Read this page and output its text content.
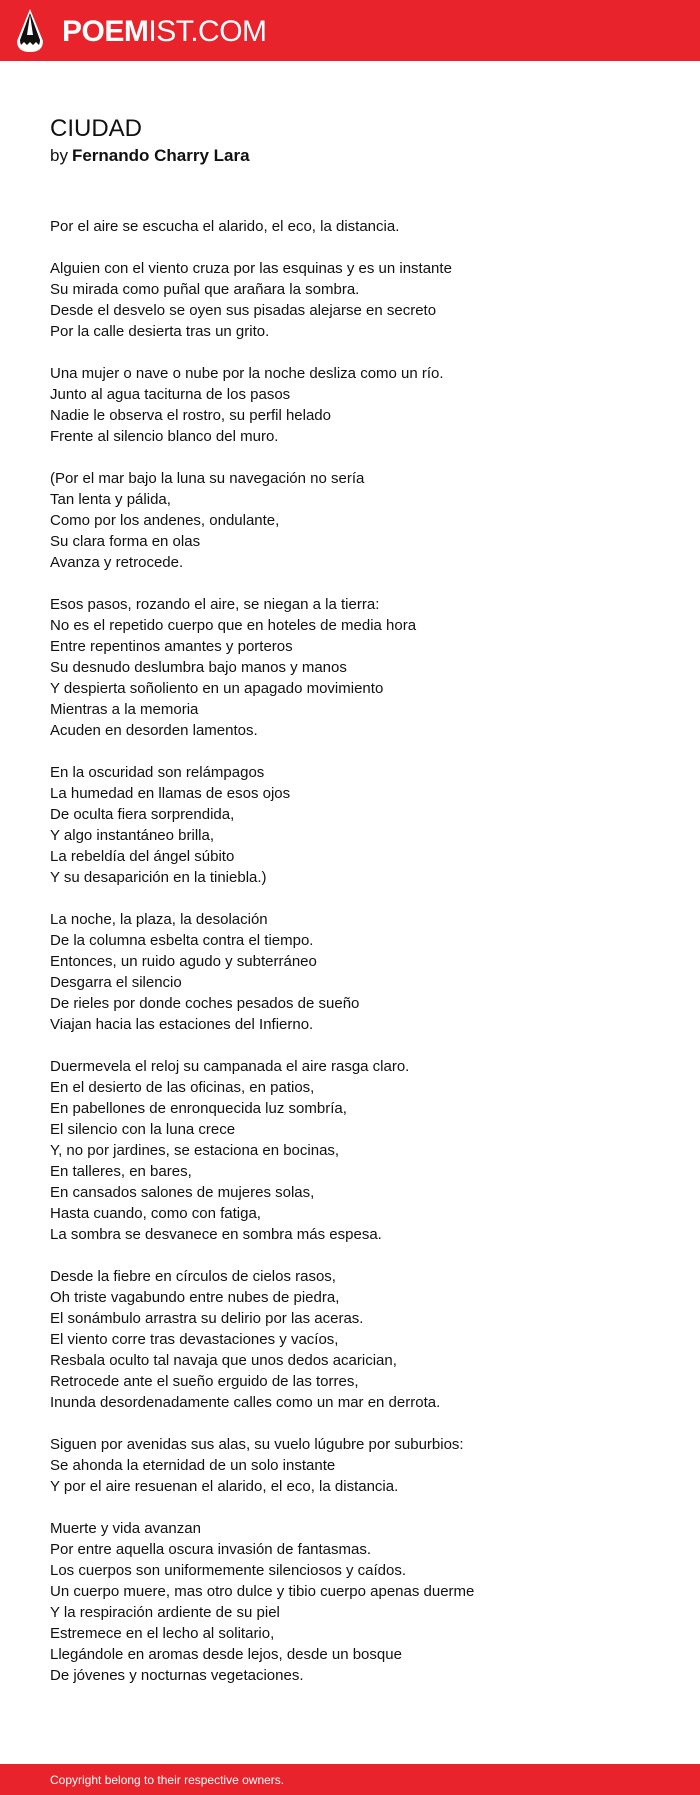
POEMIST.COM
CIUDAD

by Fernando Charry Lara

Por el aire se escucha el alarido, el eco, la distancia.
Alguien con el viento cruza por las esquinas y es un instante
Su mirada como puñal que arañara la sombra.
Desde el desvelo se oyen sus pisadas alejarse en secreto
Por la calle desierta tras un grito.
Una mujer o nave o nube por la noche desliza como un río.
Junto al agua taciturna de los pasos
Nadie le observa el rostro, su perfil helado
Frente al silencio blanco del muro.
(Por el mar bajo la luna su navegación no sería
Tan lenta y pálida,
Como por los andenes, ondulante,
Su clara forma en olas
Avanza y retrocede.
Esos pasos, rozando el aire, se niegan a la tierra:
No es el repetido cuerpo que en hoteles de media hora
Entre repentinos amantes y porteros
Su desnudo deslumbra bajo manos y manos
Y despierta soñoliento en un apagado movimiento
Mientras a la memoria
Acuden en desorden lamentos.
En la oscuridad son relámpagos
La humedad en llamas de esos ojos
De oculta fiera sorprendida,
Y algo instantáneo brilla,
La rebeldía del ángel súbito
Y su desaparición en la tiniebla.)
La noche, la plaza, la desolación
De la columna esbelta contra el tiempo.
Entonces, un ruido agudo y subterráneo
Desgarra el silencio
De rieles por donde coches pesados de sueño
Viajan hacia las estaciones del Infierno.
Duermevela el reloj su campanada el aire rasga claro.
En el desierto de las oficinas, en patios,
En pabellones de enronquecida luz sombría,
El silencio con la luna crece
Y, no por jardines, se estaciona en bocinas,
En talleres, en bares,
En cansados salones de mujeres solas,
Hasta cuando, como con fatiga,
La sombra se desvanece en sombra más espesa.
Desde la fiebre en círculos de cielos rasos,
Oh triste vagabundo entre nubes de piedra,
El sonámbulo arrastra su delirio por las aceras.
El viento corre tras devastaciones y vacíos,
Resbala oculto tal navaja que unos dedos acarician,
Retrocede ante el sueño erguido de las torres,
Inunda desordenadamente calles como un mar en derrota.
Siguen por avenidas sus alas, su vuelo lúgubre por suburbios:
Se ahonda la eternidad de un solo instante
Y por el aire resuenan el alarido, el eco, la distancia.
Muerte y vida avanzan
Por entre aquella oscura invasión de fantasmas.
Los cuerpos son uniformemente silenciosos y caídos.
Un cuerpo muere, mas otro dulce y tibio cuerpo apenas duerme
Y la respiración ardiente de su piel
Estremece en el lecho al solitario,
Llegándole en aromas desde lejos, desde un bosque
De jóvenes y nocturnas vegetaciones.
Copyright belong to their respective owners.
